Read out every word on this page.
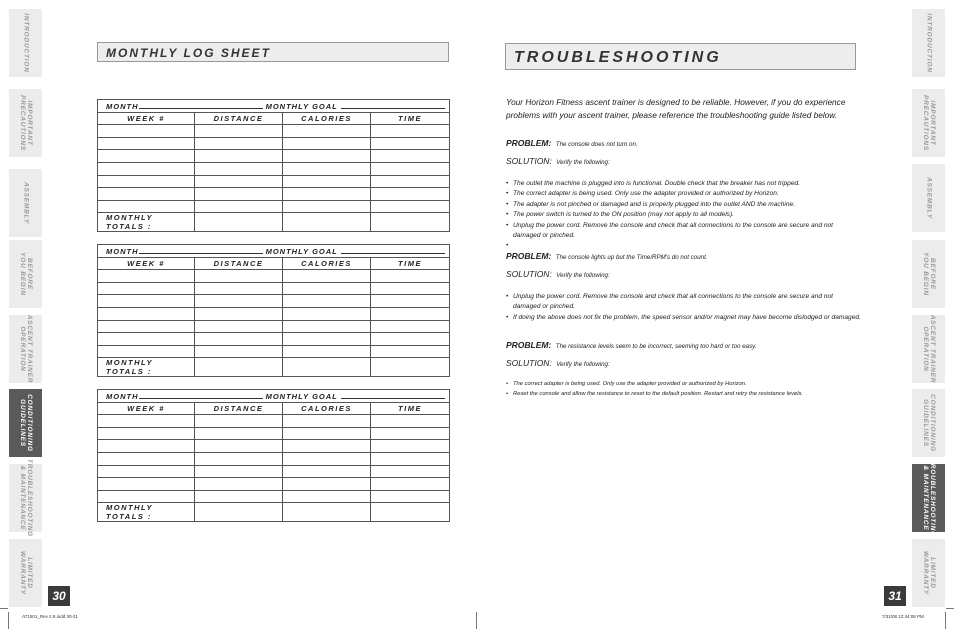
INTRODUCTION
IMPORTANT
PRECAUTIONS
ASSEMBLY
BEFORE
YOU BEGIN
ASCENT TRAINER
OPERATION
CONDITIONING
GUIDELINES
TROUBLESHOOTING
& MAINTENANCE
LIMITED
WARRANTY
INTRODUCTION
IMPORTANT
PRECAUTIONS
ASSEMBLY
BEFORE
YOU BEGIN
ASCENT TRAINER
OPERATION
CONDITIONING
GUIDELINES
TROUBLESHOOTING
& MAINTENANCE
LIMITED
WARRANTY
MONTHLY LOG SHEET
MONTH MONTHLY GOAL			
WEEK #	DISTANCE	CALORIES	TIME

MONTHLY TOTALS :			
MONTH MONTHLY GOAL			
WEEK #	DISTANCE	CALORIES	TIME

MONTHLY TOTALS :			
MONTH MONTHLY GOAL			
WEEK #	DISTANCE	CALORIES	TIME

MONTHLY TOTALS :			
30
TROUBLESHOOTING
Your Horizon Fitness ascent trainer is designed to be reliable. However, if you do experience problems with your ascent trainer, please reference the troubleshooting guide listed below.
PROBLEM: The console does not turn on.
SOLUTION: Verify the following:
• The outlet the machine is plugged into is functional. Double check that the breaker has not tripped.
• The correct adapter is being used. Only use the adapter provided or authorized by Horizon.
• The adapter is not pinched or damaged and is properly plugged into the outlet AND the machine.
• The power switch is turned to the ON position (may not apply to all models).
• Unplug the power cord. Remove the console and check that all connections to the console are secure and not damaged or pinched.
•
PROBLEM: The console lights up but the Time/RPM's do not count.
SOLUTION: Verify the following:
• Unplug the power cord. Remove the console and check that all connections to the console are secure and not damaged or pinched.
• If doing the above does not fix the problem, the speed sensor and/or magnet may have become dislodged or damaged.
PROBLEM: The resistance levels seem to be incorrect, seeming too hard or too easy.
SOLUTION: Verify the following:
• The correct adapter is being used. Only use the adapter provided or authorized by Horizon.
• Reset the console and allow the resistance to reset to the default position. Restart and retry the resistance levels.
31
AT1501_Rev 2.8.indd 30-31	7/31/08 12:44:08 PM
